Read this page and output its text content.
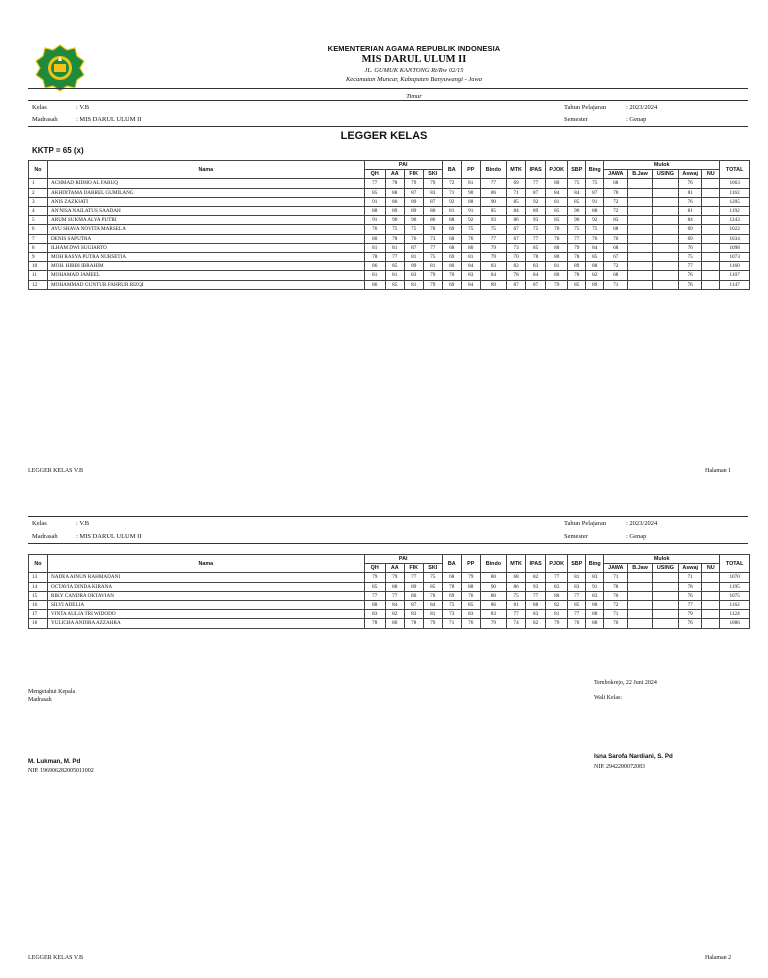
KEMENTERIAN AGAMA REPUBLIK INDONESIA
MIS DARUL ULUM II
JL. GUMUK KANTONG Rt/Rw 02/15
Kecamatan Muncar, Kabupaten Banyuwangi - Jawa
Timur
Kelas	: V.B
Madrasah	: MIS DARUL ULUM II
Tahun Pelajaran	: 2023/2024
Semester	: Genap
LEGGER KELAS
KKTP = 65 (x)
No	Nama	PAI				BA	PP	Bindo	MTK	IPAS	PJOK	SBP	Bing	Mulok					TOTAL
		QH	AA	FIK	SKI									JAWA	B.Jaw	USING	Aswaj	NU	
1	ACHMAD RIDHO AL FARUQ	77	78	79	79	72	81	77	69	77	80	75	75	68			76		1063
2	AKHDITAMA DARREL GUMILANG	85	88	87	83	71	90	86	71	87	84	84	87	78			81		1162
3	ANIS ZAZKIATI	91	86	89	87	92	88	90	85	92	81	85	91	72			76		1205
4	AN'NISA NAILATUS SAADAH	88	89	89	80	81	91	85	84	89	85	90	88	72			81		1192
5	ARUM SUKMA ALYA PUTRI	91	90	90	86	88	92	93	86	93	85	90	92	83			84		1243
6	AYU SHAVA NOVITA MARSELA	76	75	75	78	69	75	75	67	75	70	75	75	68			69		1022
7	DENIS SAPUTRA	80	78	76	73	68	76	77	67	77	70	77	76	70			69		1034
8	ILHAM DWI SUGIARTO	81	81	87	77	68	80	79	73	85	80	79	84	68			76		1098
9	MOH RASYA PUTRA NURSETIA	78	77	81	75	69	81	79	70	78	80	78	85	67			75		1073
10	MOH. HIBBI IBRAHIM	86	85	89	81	80	84	83	82	83	81	89	88	72			77		1160
11	MOHAMAD JAMEEL	81	81	83	79	70	83	84	78	84	80	78	82	68			76		1107
12	MOHAMMAD GUNTUR FAHRUR RIZQI	86	85	81	79	69	84	89	87	87	79	85	89	71			76		1147
LEGGER KELAS V.B	Halaman 1
Kelas	: V.B
Madrasah	: MIS DARUL ULUM II
Tahun Pelajaran	: 2023/2024
Semester	: Genap
No	Nama	PAI				BA	PP	Bindo	MTK	IPAS	PJOK	SBP	Bing	Mulok					TOTAL
		QH	AA	FIK	SKI									JAWA	B.Jaw	USING	Aswaj	NU	
13	NADEA AINUN RAHMADANI	79	79	77	75	68	79	80	68	82	77	81	83	71			71		1070
14	OCTAVIA DINDA KIRANA	85	88	89	85	78	88	90	86	93	83	83	91	78			78		1195
15	RIKY CANDRA OKTAVIAN	77	77	80	76	69	76	80	75	77	80	77	83	70			76		1075
16	SILVI ADELIA	88	84	87	84	75	85	86	81	88	82	85	88	72			77		1162
17	VINTA AULIA TRI WIDODO	83	82	83	81	73	83	83	77	83	81	77	88	71			79		1124
18	YULICHA ANDIRA AZZAHRA	78	80	78	79	71	76	79	74	82	79	76	88	70			76		1086
Tembokrejo, 22 Juni 2024
Wali Kelas:
Mengetahui Kepala
Madrasah
M. Lukman, M. Pd
NIP. 196906282005011002
Isna Sarofa Nardiani, S. Pd
NIP. 2942200072083
LEGGER KELAS V.B	Halaman 2
